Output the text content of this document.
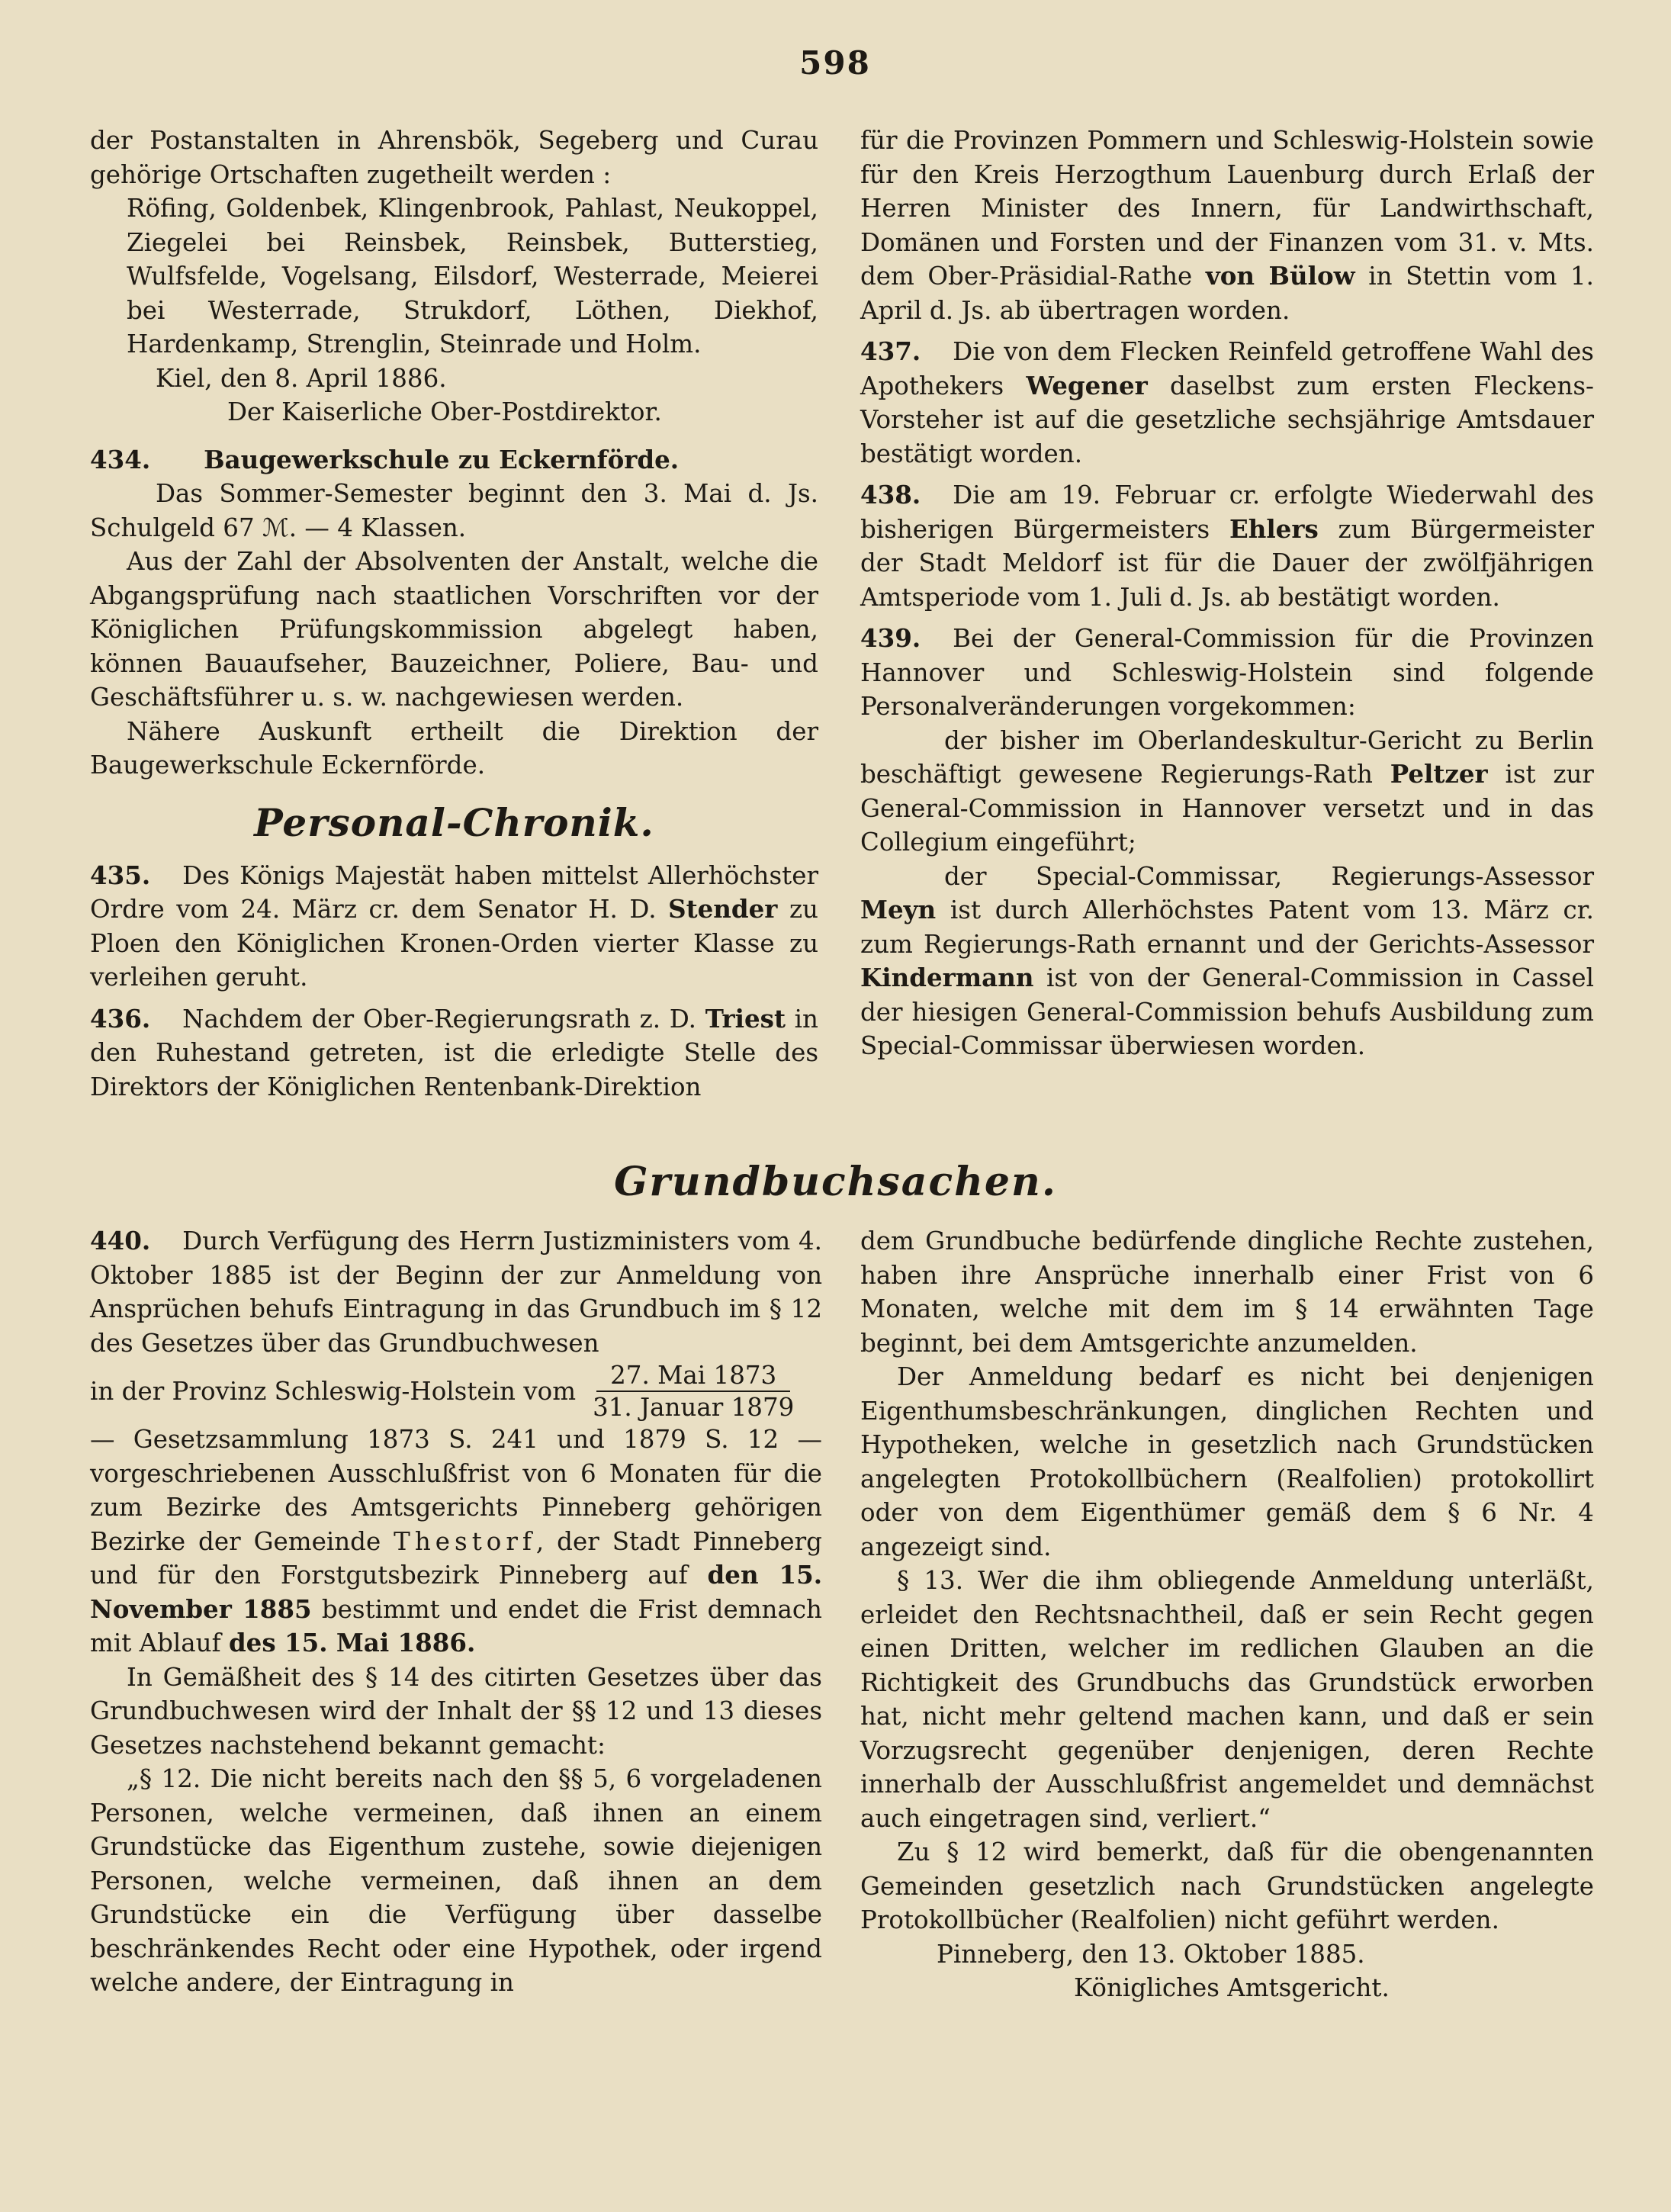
598

der Postanstalten in Ahrensbök, Segeberg und Curau gehörige Ortschaften zugetheilt werden :

Röfing, Goldenbek, Klingenbrook, Pahlast, Neukoppel, Ziegelei bei Reinsbek, Reinsbek, Butterstieg, Wulfsfelde, Vogelsang, Eilsdorf, Westerrade, Meierei bei Westerrade, Strukdorf, Löthen, Diekhof, Hardenkamp, Strenglin, Steinrade und Holm.

Kiel, den 8. April 1886.

Der Kaiserliche Ober-Postdirektor.

434. Baugewerkschule zu Eckernförde.

Das Sommer-Semester beginnt den 3. Mai d. Js. Schulgeld 67 ℳ. — 4 Klassen.

Aus der Zahl der Absolventen der Anstalt, welche die Abgangsprüfung nach staatlichen Vorschriften vor der Königlichen Prüfungskommission abgelegt haben, können Bauaufseher, Bauzeichner, Poliere, Bau- und Geschäftsführer u. s. w. nachgewiesen werden.

Nähere Auskunft ertheilt die Direktion der Baugewerkschule Eckernförde.

Personal-Chronik.

435. Des Königs Majestät haben mittelst Allerhöchster Ordre vom 24. März cr. dem Senator H. D. Stender zu Ploen den Königlichen Kronen-Orden vierter Klasse zu verleihen geruht.

436. Nachdem der Ober-Regierungsrath z. D. Triest in den Ruhestand getreten, ist die erledigte Stelle des Direktors der Königlichen Rentenbank-Direktion

für die Provinzen Pommern und Schleswig-Holstein sowie für den Kreis Herzogthum Lauenburg durch Erlaß der Herren Minister des Innern, für Landwirthschaft, Domänen und Forsten und der Finanzen vom 31. v. Mts. dem Ober-Präsidial-Rathe von Bülow in Stettin vom 1. April d. Js. ab übertragen worden.

437. Die von dem Flecken Reinfeld getroffene Wahl des Apothekers Wegener daselbst zum ersten Fleckens-Vorsteher ist auf die gesetzliche sechsjährige Amtsdauer bestätigt worden.

438. Die am 19. Februar cr. erfolgte Wiederwahl des bisherigen Bürgermeisters Ehlers zum Bürgermeister der Stadt Meldorf ist für die Dauer der zwölfjährigen Amtsperiode vom 1. Juli d. Js. ab bestätigt worden.

439. Bei der General-Commission für die Provinzen Hannover und Schleswig-Holstein sind folgende Personalveränderungen vorgekommen:

der bisher im Oberlandeskultur-Gericht zu Berlin beschäftigt gewesene Regierungs-Rath Peltzer ist zur General-Commission in Hannover versetzt und in das Collegium eingeführt;

der Special-Commissar, Regierungs-Assessor Meyn ist durch Allerhöchstes Patent vom 13. März cr. zum Regierungs-Rath ernannt und der Gerichts-Assessor Kindermann ist von der General-Commission in Cassel der hiesigen General-Commission behufs Ausbildung zum Special-Commissar überwiesen worden.

Grundbuchsachen.

440. Durch Verfügung des Herrn Justizministers vom 4. Oktober 1885 ist der Beginn der zur Anmeldung von Ansprüchen behufs Eintragung in das Grundbuch im § 12 des Gesetzes über das Grundbuchwesen

in der Provinz Schleswig-Holstein vom $\frac{\text{27. Mai 1873}}{\text{31. Januar 1879}}$

— Gesetzsammlung 1873 S. 241 und 1879 S. 12 — vorgeschriebenen Ausschlußfrist von 6 Monaten für die zum Bezirke des Amtsgerichts Pinneberg gehörigen Bezirke der Gemeinde Thestorf, der Stadt Pinneberg und für den Forstgutsbezirk Pinneberg auf den 15. November 1885 bestimmt und endet die Frist demnach mit Ablauf des 15. Mai 1886.

In Gemäßheit des § 14 des citirten Gesetzes über das Grundbuchwesen wird der Inhalt der §§ 12 und 13 dieses Gesetzes nachstehend bekannt gemacht:

„§ 12. Die nicht bereits nach den §§ 5, 6 vorgeladenen Personen, welche vermeinen, daß ihnen an einem Grundstücke das Eigenthum zustehe, sowie diejenigen Personen, welche vermeinen, daß ihnen an dem Grundstücke ein die Verfügung über dasselbe beschränkendes Recht oder eine Hypothek, oder irgend welche andere, der Eintragung in

dem Grundbuche bedürfende dingliche Rechte zustehen, haben ihre Ansprüche innerhalb einer Frist von 6 Monaten, welche mit dem im § 14 erwähnten Tage beginnt, bei dem Amtsgerichte anzumelden.

Der Anmeldung bedarf es nicht bei denjenigen Eigenthumsbeschränkungen, dinglichen Rechten und Hypotheken, welche in gesetzlich nach Grundstücken angelegten Protokollbüchern (Realfolien) protokollirt oder von dem Eigenthümer gemäß dem § 6 Nr. 4 angezeigt sind.

§ 13. Wer die ihm obliegende Anmeldung unterläßt, erleidet den Rechtsnachtheil, daß er sein Recht gegen einen Dritten, welcher im redlichen Glauben an die Richtigkeit des Grundbuchs das Grundstück erworben hat, nicht mehr geltend machen kann, und daß er sein Vorzugsrecht gegenüber denjenigen, deren Rechte innerhalb der Ausschlußfrist angemeldet und demnächst auch eingetragen sind, verliert.“

Zu § 12 wird bemerkt, daß für die obengenannten Gemeinden gesetzlich nach Grundstücken angelegte Protokollbücher (Realfolien) nicht geführt werden.

Pinneberg, den 13. Oktober 1885.

Königliches Amtsgericht.
